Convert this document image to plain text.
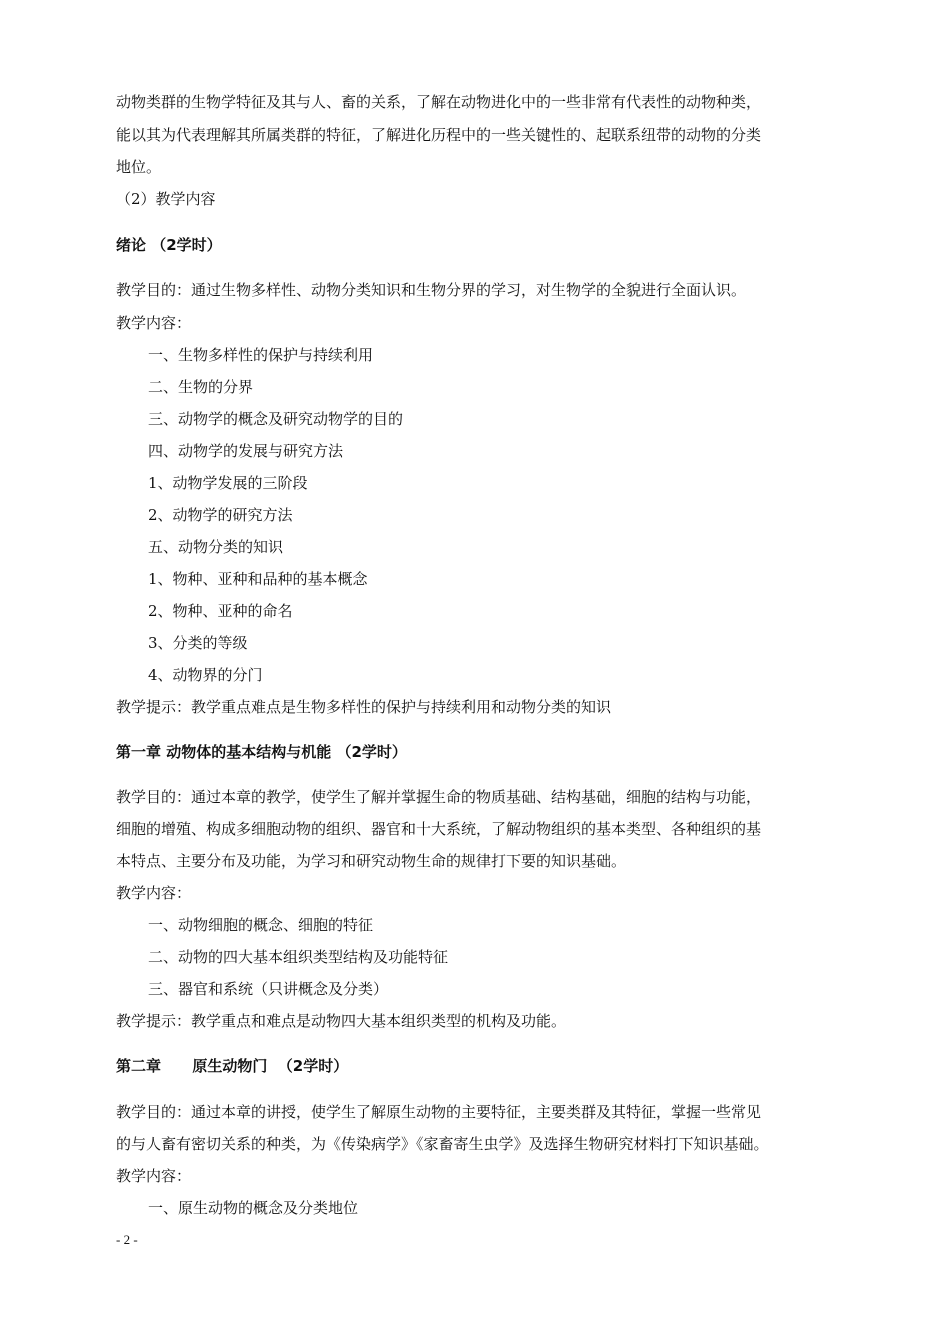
动物类群的生物学特征及其与人、畜的关系，了解在动物进化中的一些非常有代表性的动物种类，
能以其为代表理解其所属类群的特征，了解进化历程中的一些关键性的、起联系纽带的动物的分类
地位。
（2）教学内容
绪论 （2学时）
教学目的：通过生物多样性、动物分类知识和生物分界的学习，对生物学的全貌进行全面认识。
教学内容：
一、生物多样性的保护与持续利用
二、生物的分界
三、动物学的概念及研究动物学的目的
四、动物学的发展与研究方法
1、动物学发展的三阶段
2、动物学的研究方法
五、动物分类的知识
1、物种、亚种和品种的基本概念
2、物种、亚种的命名
3、分类的等级
4、动物界的分门
教学提示：教学重点难点是生物多样性的保护与持续利用和动物分类的知识
第一章 动物体的基本结构与机能 （2学时）
教学目的：通过本章的教学，使学生了解并掌握生命的物质基础、结构基础，细胞的结构与功能，
细胞的增殖、构成多细胞动物的组织、器官和十大系统，了解动物组织的基本类型、各种组织的基
本特点、主要分布及功能，为学习和研究动物生命的规律打下要的知识基础。
教学内容：
一、动物细胞的概念、细胞的特征
二、动物的四大基本组织类型结构及功能特征
三、器官和系统（只讲概念及分类）
教学提示：教学重点和难点是动物四大基本组织类型的机构及功能。
第二章      原生动物门  （2学时）
教学目的：通过本章的讲授，使学生了解原生动物的主要特征，主要类群及其特征，掌握一些常见
的与人畜有密切关系的种类，为《传染病学》《家畜寄生虫学》及选择生物研究材料打下知识基础。
教学内容：
一、原生动物的概念及分类地位
- 2 -
